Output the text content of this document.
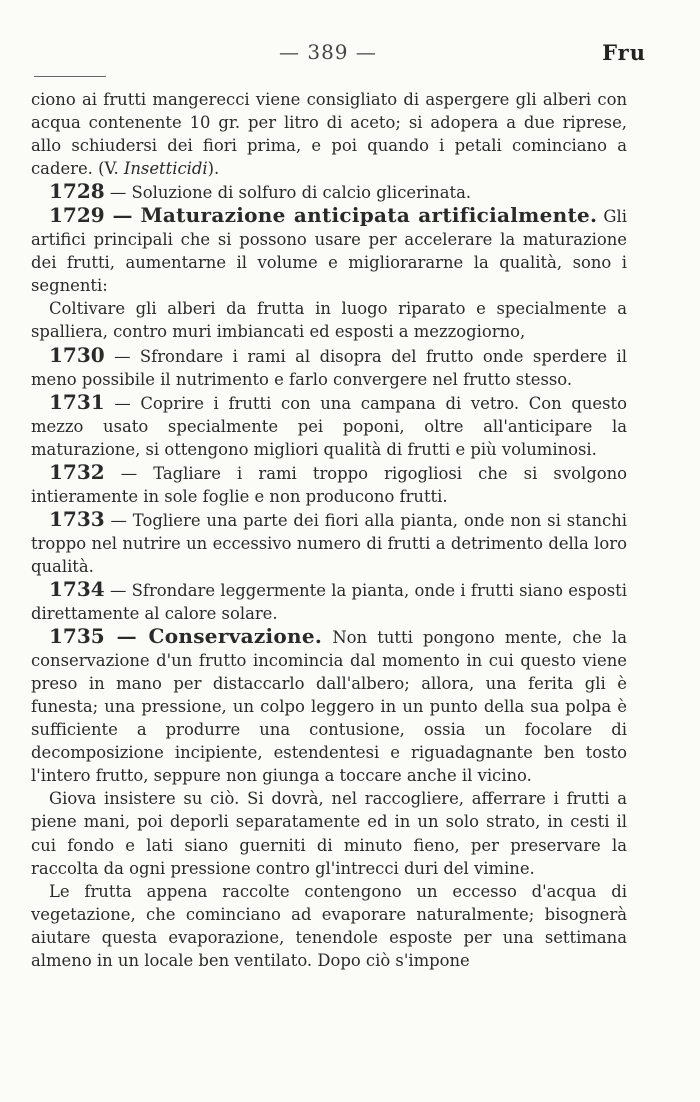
— 389 —	Fru

ciono ai frutti mangerecci viene consigliato di aspergere gli alberi con acqua contenente 10 gr. per litro di aceto; si adopera a due riprese, allo schiudersi dei fiori prima, e poi quando i petali cominciano a cadere. (V. Insetticidi).

1728 — Soluzione di solfuro di calcio glicerinata.

1729 — Maturazione anticipata artificialmente. Gli artifici principali che si possono usare per accelerare la maturazione dei frutti, aumentarne il volume e migliorararne la qualità, sono i segnenti:

Coltivare gli alberi da frutta in luogo riparato e specialmente a spalliera, contro muri imbiancati ed esposti a mezzogiorno,

1730 — Sfrondare i rami al disopra del frutto onde sperdere il meno possibile il nutrimento e farlo convergere nel frutto stesso.

1731 — Coprire i frutti con una campana di vetro. Con questo mezzo usato specialmente pei poponi, oltre all'anticipare la maturazione, si ottengono migliori qualità di frutti e più voluminosi.

1732 — Tagliare i rami troppo rigogliosi che si svolgono intieramente in sole foglie e non producono frutti.

1733 — Togliere una parte dei fiori alla pianta, onde non si stanchi troppo nel nutrire un eccessivo numero di frutti a detrimento della loro qualità.

1734 — Sfrondare leggermente la pianta, onde i frutti siano esposti direttamente al calore solare.

1735 — Conservazione. Non tutti pongono mente, che la conservazione d'un frutto incomincia dal momento in cui questo viene preso in mano per distaccarlo dall'albero; allora, una ferita gli è funesta; una pressione, un colpo leggero in un punto della sua polpa è sufficiente a produrre una contusione, ossia un focolare di decomposizione incipiente, estendentesi e riguadagnante ben tosto l'intero frutto, seppure non giunga a toccare anche il vicino.

Giova insistere su ciò. Si dovrà, nel raccogliere, afferrare i frutti a piene mani, poi deporli separatamente ed in un solo strato, in cesti il cui fondo e lati siano guerniti di minuto fieno, per preservare la raccolta da ogni pressione contro gl'intrecci duri del vimine.

Le frutta appena raccolte contengono un eccesso d'acqua di vegetazione, che cominciano ad evaporare naturalmente; bisognerà aiutare questa evaporazione, tenendole esposte per una settimana almeno in un locale ben ventilato. Dopo ciò s'impone
